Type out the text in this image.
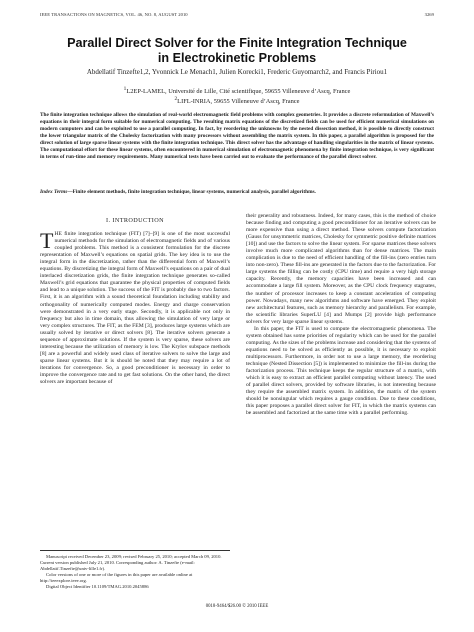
IEEE TRANSACTIONS ON MAGNETICS, VOL. 46, NO. 8, AUGUST 2010	3269
Parallel Direct Solver for the Finite Integration Technique
in Electrokinetic Problems
Abdellatif Tinzefte1,2, Yvonnick Le Menach1, Julien Korecki1, Frederic Guyomarch2, and Francis Piriou1
$^1$L2EP-LAMEL, Université de Lille, Cité scientifique, 59655 Villeneuve d’Ascq, France
$^2$LIFL-INRIA, 59655 Villeneuve d’Ascq, France
The finite integration technique allows the simulation of real-world electromagnetic field problems with complex geometries. It provides a discrete reformulation of Maxwell’s equations in their integral form suitable for numerical computing. The resulting matrix equations of the discretized fields can be used for efficient numerical simulations on modern computers and can be exploited to use a parallel computing. In fact, by reordering the unknowns by the nested dissection method, it is possible to directly construct the lower triangular matrix of the Cholesky factorization with many processors without assembling the matrix system. In this paper, a parallel algorithm is proposed for the direct solution of large sparse linear systems with the finite integration technique. This direct solver has the advantage of handling singularities in the matrix of linear systems. The computational effort for these linear systems, often encountered in numerical simulation of electromagnetic phenomena by finite integration technique, is very significant in terms of run-time and memory requirements. Many numerical tests have been carried out to evaluate the performance of the parallel direct solver.
Index Terms—Finite element methods, finite integration technique, linear systems, numerical analysis, parallel algorithms.
I. INTRODUCTION

THE finite integration technique (FIT) [7]–[9] is one of the most successful numerical methods for the simulation of electromagnetic fields and of various coupled problems. This method is a consistent formulation for the discrete representation of Maxwell’s equations on spatial grids. The key idea is to use the integral form in the discretization, rather than the differential form of Maxwell’s equations. By discretizing the integral form of Maxwell’s equations on a pair of dual interlaced discretization grids, the finite integration technique generates so-called Maxwell’s grid equations that guarantee the physical properties of computed fields and lead to a unique solution. The success of the FIT is probably due to two factors. First, it is an algorithm with a sound theoretical foundation including stability and orthogonality of numerically computed modes. Energy and charge conservation were demonstrated in a very early stage. Secondly, it is applicable not only in frequency but also in time domain, thus allowing the simulation of very large or very complex structures. The FIT, as the FEM [3], produces large systems which are usually solved by iterative or direct solvers [8]. The iterative solvers generate a sequence of approximate solutions. If the system is very sparse, these solvers are interesting because the utilization of memory is low. The Krylov subspace methods [8] are a powerful and widely used class of iterative solvers to solve the large and sparse linear systems. But it is should be noted that they may require a lot of iterations for convergence. So, a good preconditioner is necessary in order to improve the convergence rate and to get fast solutions. On the other hand, the direct solvers are important because of

their generality and robustness. Indeed, for many cases, this is the method of choice because finding and computing a good preconditioner for an iterative solvers can be more expensive than using a direct method. These solvers compute factorization (Gauss for unsymmetric matrices, Cholesky for symmetric positive definite matrices [10]) and use the factors to solve the linear system. For sparse matrices these solvers involve much more complicated algorithms than for dense matrices. The main complication is due to the need of efficient handling of the fill-ins (zero entries turn into non-zero). These fill-ins are generated in the factors due to the factorization. For large systems the filling can be costly (CPU time) and require a very high storage capacity. Recently, the memory capacities have been increased and can accommodate a large fill system. Moreover, as the CPU clock frequency stagnates, the number of processor increases to keep a constant acceleration of computing power. Nowadays, many new algorithms and software have emerged. They exploit new architectural features, such as memory hierarchy and parallelism. For example, the scientific libraries SuperLU [4] and Mumps [2] provide high performance solvers for very large sparse linear systems.

In this paper, the FIT is used to compute the electromagnetic phenomena. The system obtained has some priorities of regularity which can be used for the parallel computing. As the sizes of the problems increase and considering that the systems of equations need to be solved as efficiently as possible, it is necessary to exploit multiprocessors. Furthermore, in order not to use a large memory, the reordering technique (Nested Dissection [5]) is implemented to minimize the fill-ins during the factorization process. This technique keeps the regular structure of a matrix, with which it is easy to extract an efficient parallel computing without latency. The used of parallel direct solvers, provided by software libraries, is not interesting because they require the assembled matrix system. In addition, the matrix of the system should be nonsingular which requires a gauge condition. Due to these conditions, this paper proposes a parallel direct solver for FIT, in which the matrix systems can be assembled and factorized at the same time with a parallel performing.

Manuscript received December 23, 2009; revised February 25, 2010; accepted March 09, 2010. Current version published July 21, 2010. Corresponding author: A. Tinzefte (e-mail: Abdellatif.Tinzefte@univ-lille1.fr).

Color versions of one or more of the figures in this paper are available online at http://ieeexplore.ieee.org.

Digital Object Identifier 10.1109/TMAG.2010.2045886

0018-9464/$26.00 © 2010 IEEE
